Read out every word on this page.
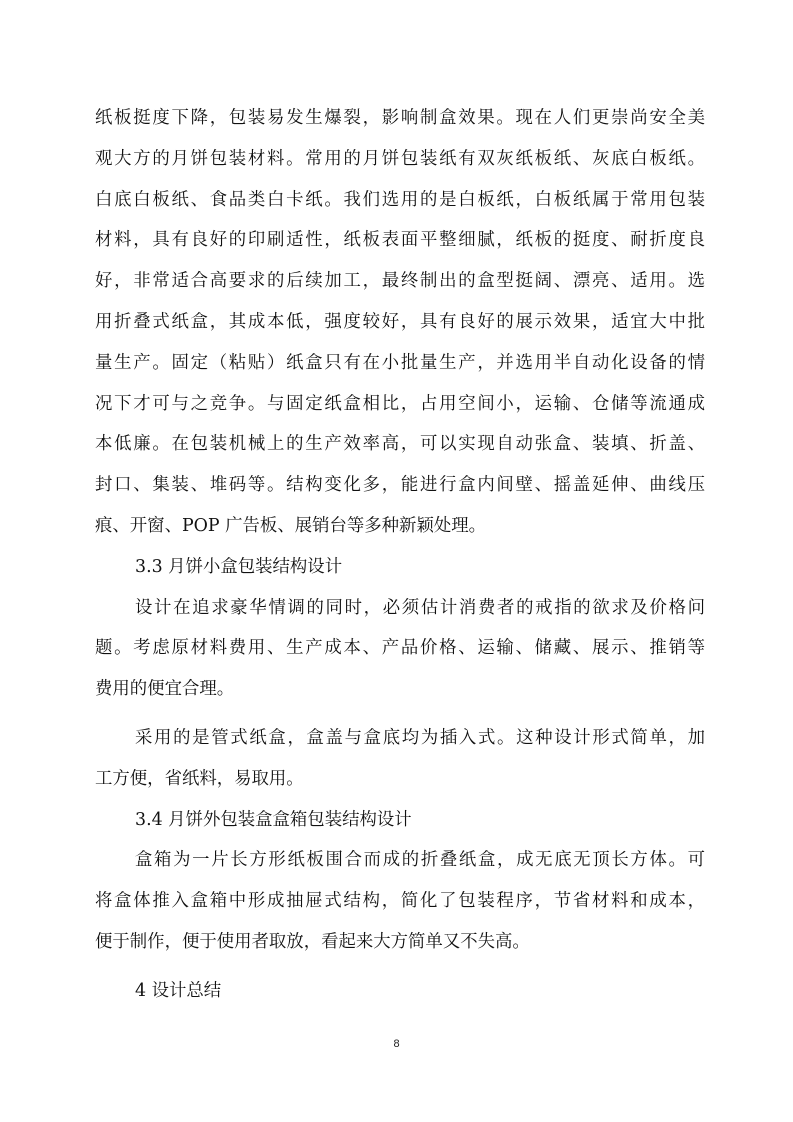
纸板挺度下降，包装易发生爆裂，影响制盒效果。现在人们更崇尚安全美
观大方的月饼包装材料。常用的月饼包装纸有双灰纸板纸、灰底白板纸。
白底白板纸、食品类白卡纸。我们选用的是白板纸，白板纸属于常用包装
材料，具有良好的印刷适性，纸板表面平整细腻，纸板的挺度、耐折度良
好，非常适合高要求的后续加工，最终制出的盒型挺阔、漂亮、适用。选
用折叠式纸盒，其成本低，强度较好，具有良好的展示效果，适宜大中批
量生产。固定（粘贴）纸盒只有在小批量生产，并选用半自动化设备的情
况下才可与之竞争。与固定纸盒相比，占用空间小，运输、仓储等流通成
本低廉。在包装机械上的生产效率高，可以实现自动张盒、装填、折盖、
封口、集装、堆码等。结构变化多，能进行盒内间壁、摇盖延伸、曲线压
痕、开窗、POP 广告板、展销台等多种新颖处理。
3.3 月饼小盒包装结构设计
设计在追求豪华情调的同时，必须估计消费者的戒指的欲求及价格问
题。考虑原材料费用、生产成本、产品价格、运输、储藏、展示、推销等
费用的便宜合理。
采用的是管式纸盒，盒盖与盒底均为插入式。这种设计形式简单，加
工方便，省纸料，易取用。
3.4 月饼外包装盒盒箱包装结构设计
盒箱为一片长方形纸板围合而成的折叠纸盒，成无底无顶长方体。可
将盒体推入盒箱中形成抽屉式结构，简化了包装程序，节省材料和成本，
便于制作，便于使用者取放，看起来大方简单又不失高。
4 设计总结
8
